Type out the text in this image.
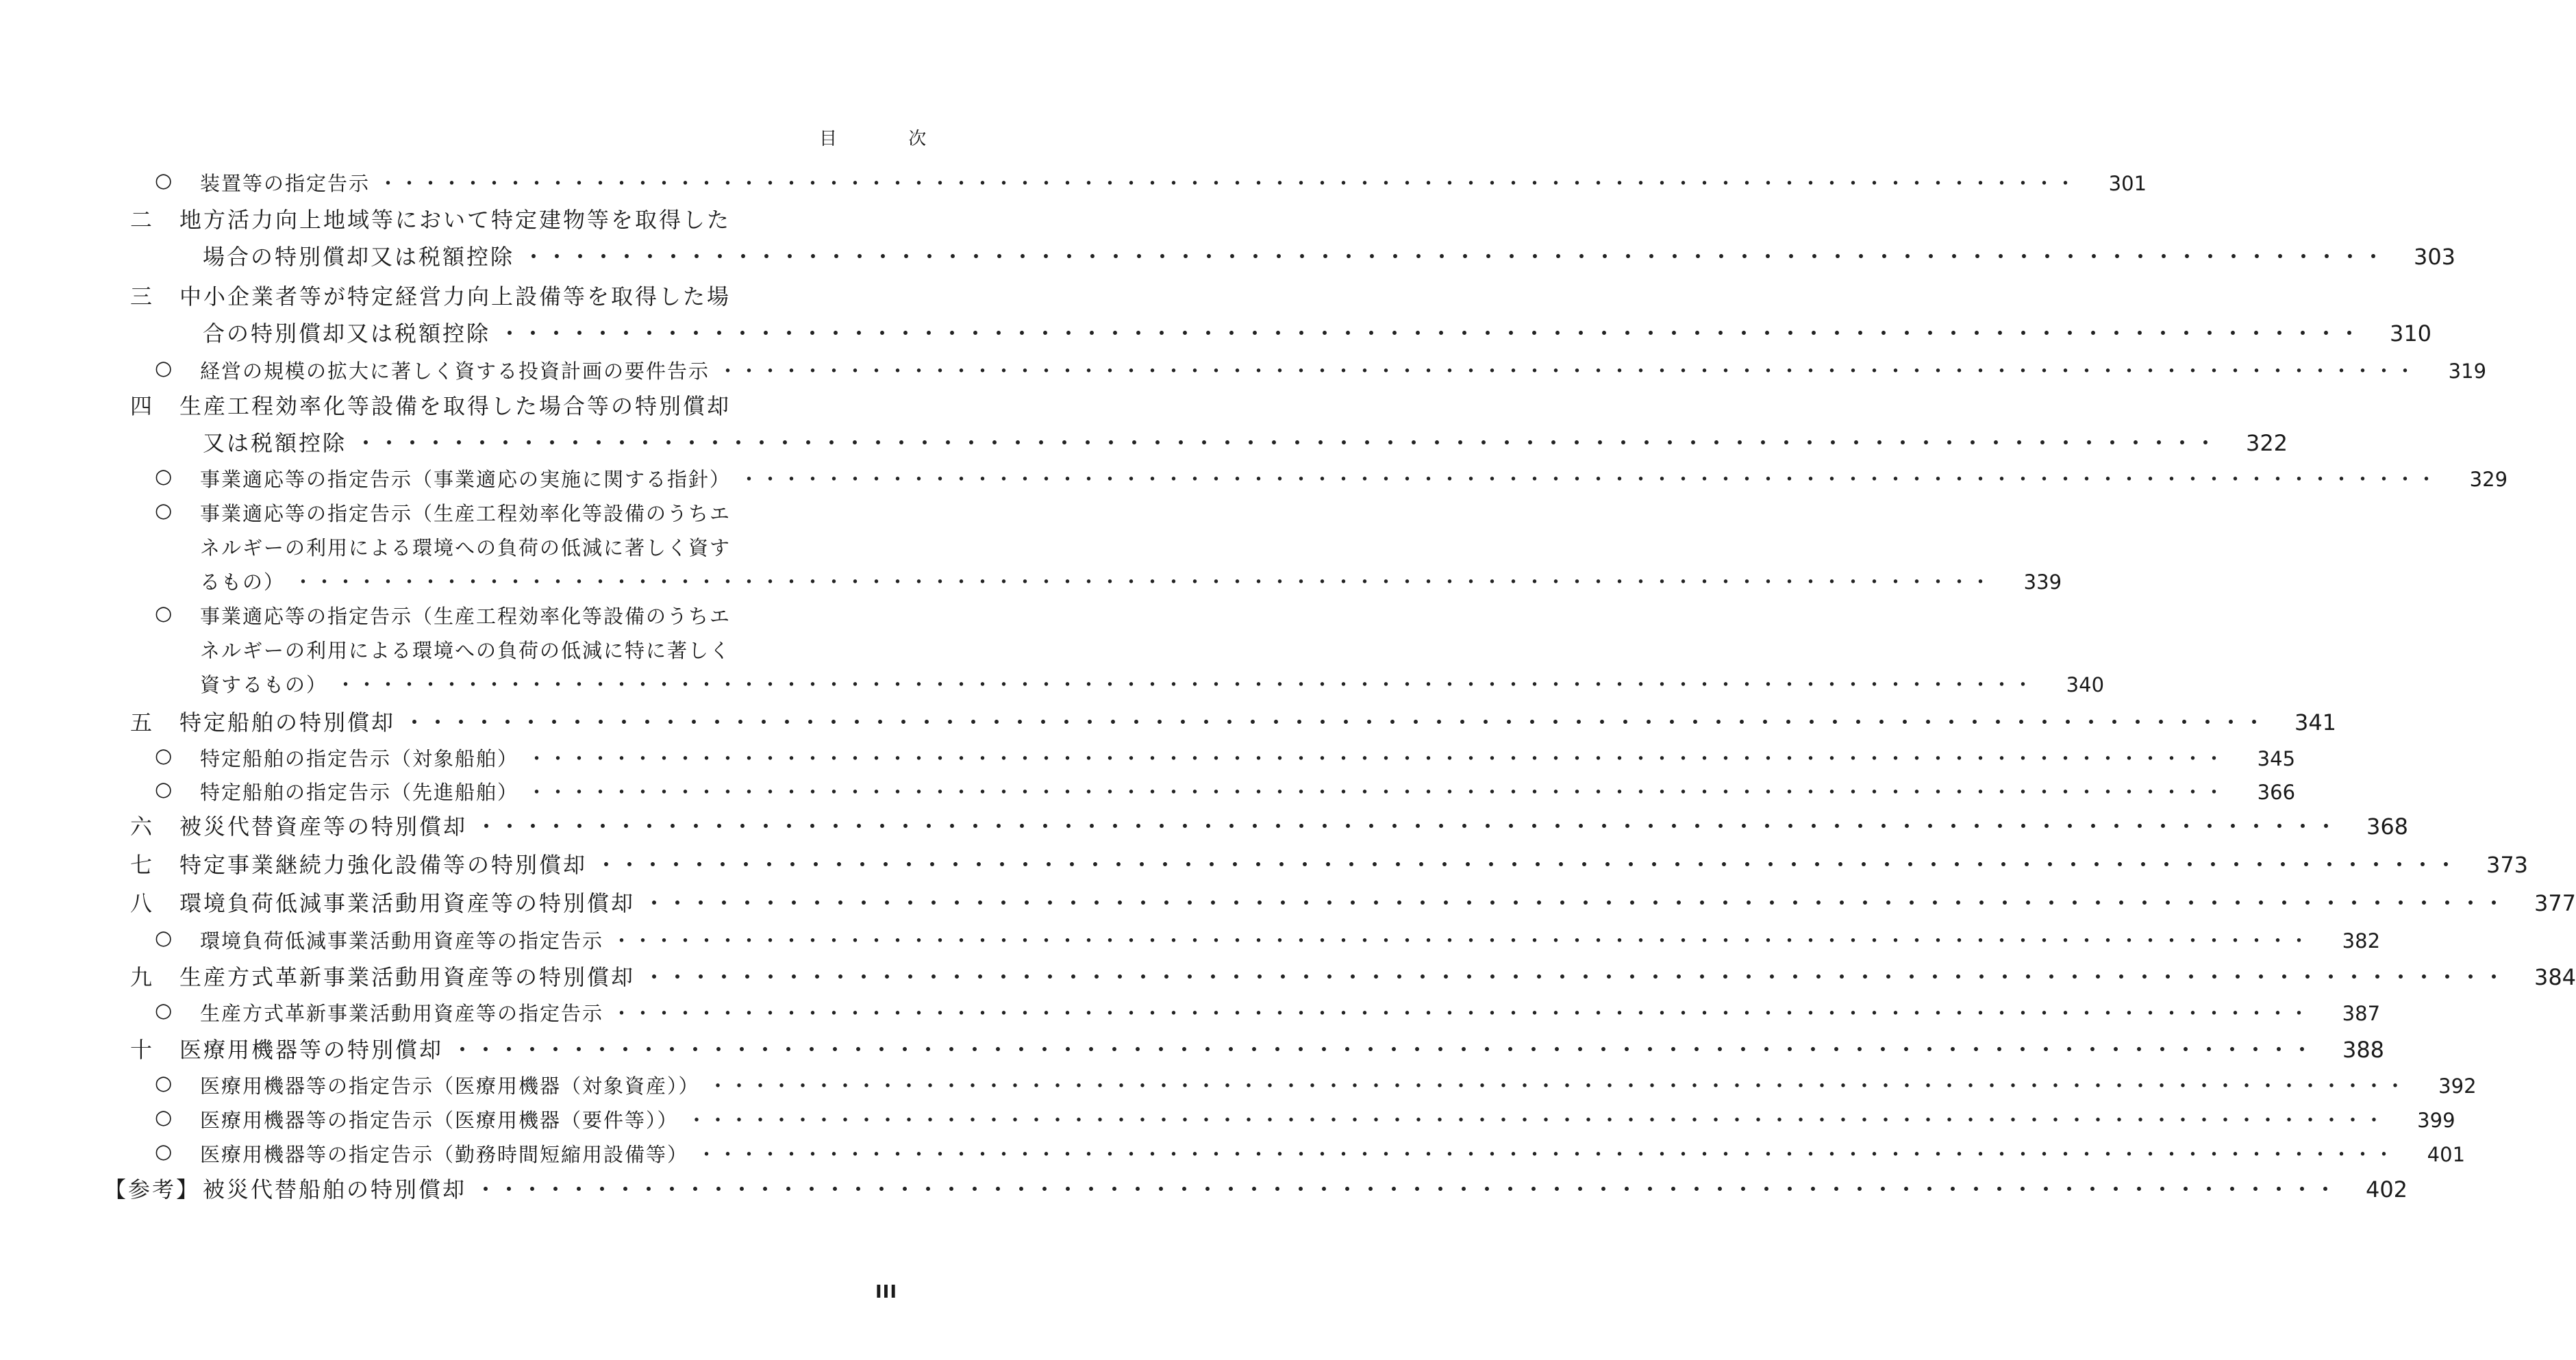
目 次
○ 装置等の指定告示 ・・・・・・・・・・・・・・・・・・・・・・・・・・・・・・・・・・・・・・・・・・・・・・・・・・・・・・・・・・・・・・・・・・・・・・・・・・・・・・・・	301
二 地方活力向上地域等において特定建物等を取得した
場合の特別償却又は税額控除 ・・・・・・・・・・・・・・・・・・・・・・・・・・・・・・・・・・・・・・・・・・・・・・・・・・・・・・・・・・・・・・・・・・・・・・・・・・・・・・・・	303
三 中小企業者等が特定経営力向上設備等を取得した場
合の特別償却又は税額控除 ・・・・・・・・・・・・・・・・・・・・・・・・・・・・・・・・・・・・・・・・・・・・・・・・・・・・・・・・・・・・・・・・・・・・・・・・・・・・・・・・	310
○ 経営の規模の拡大に著しく資する投資計画の要件告示 ・・・・・・・・・・・・・・・・・・・・・・・・・・・・・・・・・・・・・・・・・・・・・・・・・・・・・・・・・・・・・・・・・・・・・・・・・・・・・・・・	319
四 生産工程効率化等設備を取得した場合等の特別償却
又は税額控除 ・・・・・・・・・・・・・・・・・・・・・・・・・・・・・・・・・・・・・・・・・・・・・・・・・・・・・・・・・・・・・・・・・・・・・・・・・・・・・・・・	322
○ 事業適応等の指定告示（事業適応の実施に関する指針） ・・・・・・・・・・・・・・・・・・・・・・・・・・・・・・・・・・・・・・・・・・・・・・・・・・・・・・・・・・・・・・・・・・・・・・・・・・・・・・・・	329
○ 事業適応等の指定告示（生産工程効率化等設備のうちエ
ネルギーの利用による環境への負荷の低減に著しく資す
るもの） ・・・・・・・・・・・・・・・・・・・・・・・・・・・・・・・・・・・・・・・・・・・・・・・・・・・・・・・・・・・・・・・・・・・・・・・・・・・・・・・・	339
○ 事業適応等の指定告示（生産工程効率化等設備のうちエ
ネルギーの利用による環境への負荷の低減に特に著しく
資するもの） ・・・・・・・・・・・・・・・・・・・・・・・・・・・・・・・・・・・・・・・・・・・・・・・・・・・・・・・・・・・・・・・・・・・・・・・・・・・・・・・・	340
五 特定船舶の特別償却 ・・・・・・・・・・・・・・・・・・・・・・・・・・・・・・・・・・・・・・・・・・・・・・・・・・・・・・・・・・・・・・・・・・・・・・・・・・・・・・・・	341
○ 特定船舶の指定告示（対象船舶） ・・・・・・・・・・・・・・・・・・・・・・・・・・・・・・・・・・・・・・・・・・・・・・・・・・・・・・・・・・・・・・・・・・・・・・・・・・・・・・・・	345
○ 特定船舶の指定告示（先進船舶） ・・・・・・・・・・・・・・・・・・・・・・・・・・・・・・・・・・・・・・・・・・・・・・・・・・・・・・・・・・・・・・・・・・・・・・・・・・・・・・・・	366
六 被災代替資産等の特別償却 ・・・・・・・・・・・・・・・・・・・・・・・・・・・・・・・・・・・・・・・・・・・・・・・・・・・・・・・・・・・・・・・・・・・・・・・・・・・・・・・・	368
七 特定事業継続力強化設備等の特別償却 ・・・・・・・・・・・・・・・・・・・・・・・・・・・・・・・・・・・・・・・・・・・・・・・・・・・・・・・・・・・・・・・・・・・・・・・・・・・・・・・・	373
八 環境負荷低減事業活動用資産等の特別償却 ・・・・・・・・・・・・・・・・・・・・・・・・・・・・・・・・・・・・・・・・・・・・・・・・・・・・・・・・・・・・・・・・・・・・・・・・・・・・・・・・	377
○ 環境負荷低減事業活動用資産等の指定告示 ・・・・・・・・・・・・・・・・・・・・・・・・・・・・・・・・・・・・・・・・・・・・・・・・・・・・・・・・・・・・・・・・・・・・・・・・・・・・・・・・	382
九 生産方式革新事業活動用資産等の特別償却 ・・・・・・・・・・・・・・・・・・・・・・・・・・・・・・・・・・・・・・・・・・・・・・・・・・・・・・・・・・・・・・・・・・・・・・・・・・・・・・・・	384
○ 生産方式革新事業活動用資産等の指定告示 ・・・・・・・・・・・・・・・・・・・・・・・・・・・・・・・・・・・・・・・・・・・・・・・・・・・・・・・・・・・・・・・・・・・・・・・・・・・・・・・・	387
十 医療用機器等の特別償却 ・・・・・・・・・・・・・・・・・・・・・・・・・・・・・・・・・・・・・・・・・・・・・・・・・・・・・・・・・・・・・・・・・・・・・・・・・・・・・・・・	388
○ 医療用機器等の指定告示（医療用機器（対象資産）） ・・・・・・・・・・・・・・・・・・・・・・・・・・・・・・・・・・・・・・・・・・・・・・・・・・・・・・・・・・・・・・・・・・・・・・・・・・・・・・・・	392
○ 医療用機器等の指定告示（医療用機器（要件等）） ・・・・・・・・・・・・・・・・・・・・・・・・・・・・・・・・・・・・・・・・・・・・・・・・・・・・・・・・・・・・・・・・・・・・・・・・・・・・・・・・	399
○ 医療用機器等の指定告示（勤務時間短縮用設備等） ・・・・・・・・・・・・・・・・・・・・・・・・・・・・・・・・・・・・・・・・・・・・・・・・・・・・・・・・・・・・・・・・・・・・・・・・・・・・・・・・	401
【参考】 被災代替船舶の特別償却 ・・・・・・・・・・・・・・・・・・・・・・・・・・・・・・・・・・・・・・・・・・・・・・・・・・・・・・・・・・・・・・・・・・・・・・・・・・・・・・・・	402
III
